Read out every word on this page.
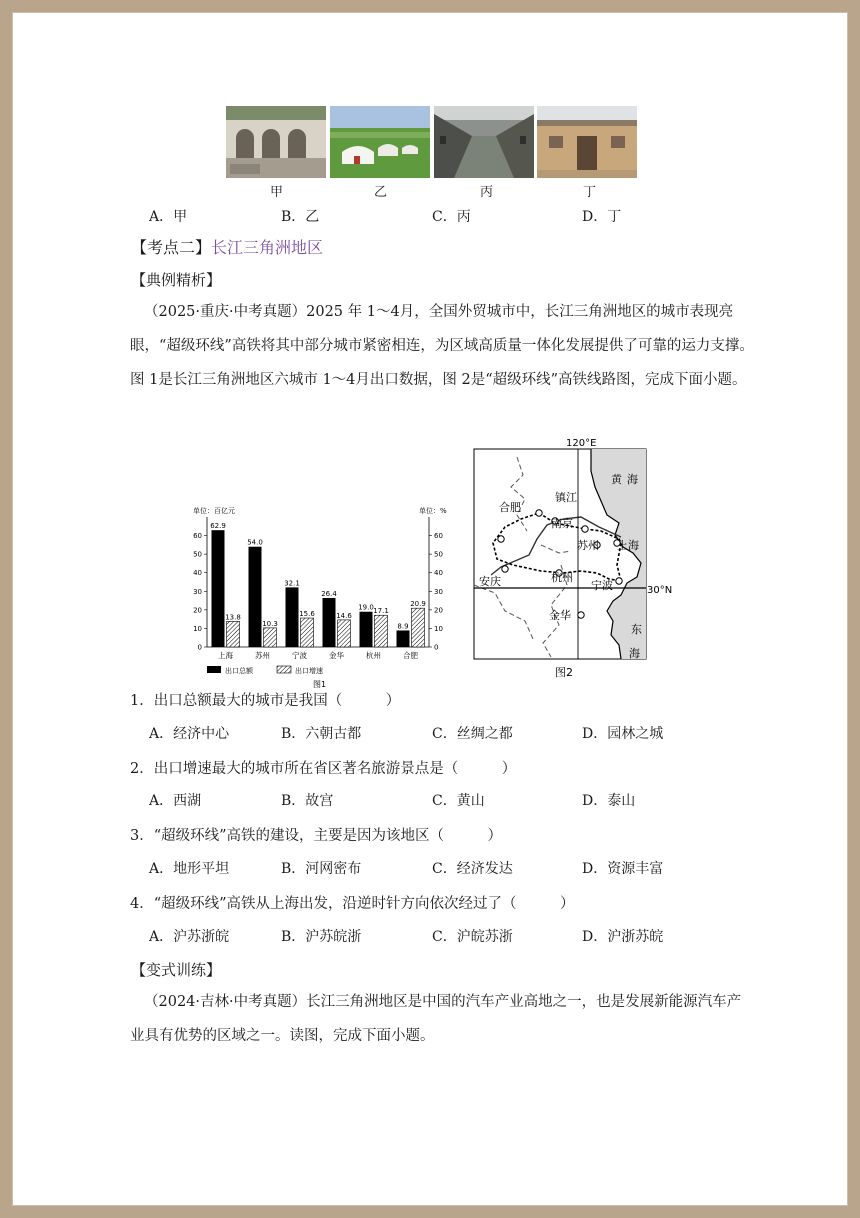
甲	乙	丙	丁
A．甲	B．乙	C．丙	D．丁
【考点二】长江三角洲地区
【典例精析】
（2025·重庆·中考真题）2025 年 1～4月，全国外贸城市中，长江三角洲地区的城市表现亮眼，“超级环线”高铁将其中部分城市紧密相连，为区域高质量一体化发展提供了可靠的运力支撑。图 1是长江三角洲地区六城市 1～4月出口数据，图 2是“超级环线”高铁线路图，完成下面小题。
单位：百亿元	单位：%
0	0
10	10
20	20
30	30
40	40
50	50
60	60
62.9
13.8
上海
54.0
10.3
苏州
32.1
15.6
宁波
26.4
14.6
金华
19.0 17.1
杭州
8.9
20.9
合肥
出口总额	出口增速
图1
120°E
黄 海
东
海
合肥
镇江
南京
苏州 上海
安庆	杭州
宁波
金华
30°N
图2
1．出口总额最大的城市是我国（　　　）
A．经济中心	B．六朝古都	C．丝绸之都	D．园林之城
2．出口增速最大的城市所在省区著名旅游景点是（　　　）
A．西湖	B．故宫	C．黄山	D．泰山
3．“超级环线”高铁的建设，主要是因为该地区（　　　）
A．地形平坦	B．河网密布	C．经济发达	D．资源丰富
4．“超级环线”高铁从上海出发，沿逆时针方向依次经过了（　　　）
A．沪苏浙皖	B．沪苏皖浙	C．沪皖苏浙	D．沪浙苏皖
【变式训练】
（2024·吉林·中考真题）长江三角洲地区是中国的汽车产业高地之一，也是发展新能源汽车产业具有优势的区域之一。读图，完成下面小题。
